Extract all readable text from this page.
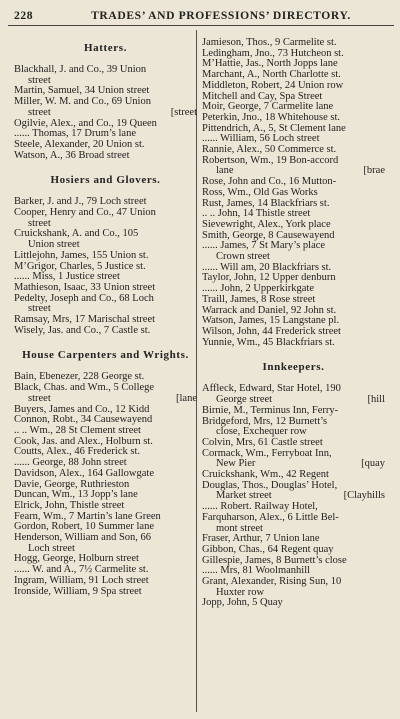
228	TRADES’ AND PROFESSIONS’ DIRECTORY.
Hatters.
Blackhall, J. and Co., 39 Union
street
Martin, Samuel, 34 Union street
Miller, W. M. and Co., 69 Union
street	[street
Ogilvie, Alex., and Co., 19 Queen
...... Thomas, 17 Drum’s lane
Steele, Alexander, 20 Union st.
Watson, A., 36 Broad street
Hosiers and Glovers.
Barker, J. and J., 79 Loch street
Cooper, Henry and Co., 47 Union
street
Cruickshank, A. and Co., 105
Union street
Littlejohn, James, 155 Union st.
M’Grigor, Charles, 5 Justice st.
...... Miss, 1 Justice street
Mathieson, Isaac, 33 Union street
Pedelty, Joseph and Co., 68 Loch
street
Ramsay, Mrs, 17 Marischal street
Wisely, Jas. and Co., 7 Castle st.
House Carpenters and Wrights.
Bain, Ebenezer, 228 George st.
Black, Chas. and Wm., 5 College
street	[lane
Buyers, James and Co., 12 Kidd
Connon, Robt., 34 Causewayend
.. .. Wm., 28 St Clement street
Cook, Jas. and Alex., Holburn st.
Coutts, Alex., 46 Frederick st.
...... George, 88 John street
Davidson, Alex., 164 Gallowgate
Davie, George, Ruthrieston
Duncan, Wm., 13 Jopp’s lane
Elrick, John, Thistle street
Fearn, Wm., 7 Martin’s lane Green
Gordon, Robert, 10 Summer lane
Henderson, William and Son, 66
Loch street
Hogg, George, Holburn street
...... W. and A., 7½ Carmelite st.
Ingram, William, 91 Loch street
Ironside, William, 9 Spa street
Jamieson, Thos., 9 Carmelite st.
Ledingham, Jno., 73 Hutcheon st.
M’Hattie, Jas., North Jopps lane
Marchant, A., North Charlotte st.
Middleton, Robert, 24 Union row
Mitchell and Cay, Spa Street
Moir, George, 7 Carmelite lane
Peterkin, Jno., 18 Whitehouse st.
Pittendrich, A., 5, St Clement lane
...... William, 56 Loch street
Rannie, Alex., 50 Commerce st.
Robertson, Wm., 19 Bon-accord
lane	[brae
Rose, John and Co., 16 Mutton-
Ross, Wm., Old Gas Works
Rust, James, 14 Blackfriars st.
.. .. John, 14 Thistle street
Sievewright, Alex., York place
Smith, George, 8 Causewayend
...... James, 7 St Mary’s place
Crown street
...... Will am, 20 Blackfriars st.
Taylor, John, 12 Upper denburn
...... John, 2 Upperkirkgate
Traill, James, 8 Rose street
Warrack and Daniel, 92 John st.
Watson, James, 15 Langstane pl.
Wilson, John, 44 Frederick street
Yunnie, Wm., 45 Blackfriars st.
Innkeepers.
Affleck, Edward, Star Hotel, 190
George street	[hill
Birnie, M., Terminus Inn, Ferry-
Bridgeford, Mrs, 12 Burnett’s
close, Exchequer row
Colvin, Mrs, 61 Castle street
Cormack, Wm., Ferryboat Inn,
New Pier	[quay
Cruickshank, Wm., 42 Regent
Douglas, Thos., Douglas’ Hotel,
Market street	[Clayhills
...... Robert. Railway Hotel,
Farquharson, Alex., 6 Little Bel-
mont street
Fraser, Arthur, 7 Union lane
Gibbon, Chas., 64 Regent quay
Gillespie, James, 8 Burnett’s close
...... Mrs, 81 Woolmanhill
Grant, Alexander, Rising Sun, 10
Huxter row
Jopp, John, 5 Quay
